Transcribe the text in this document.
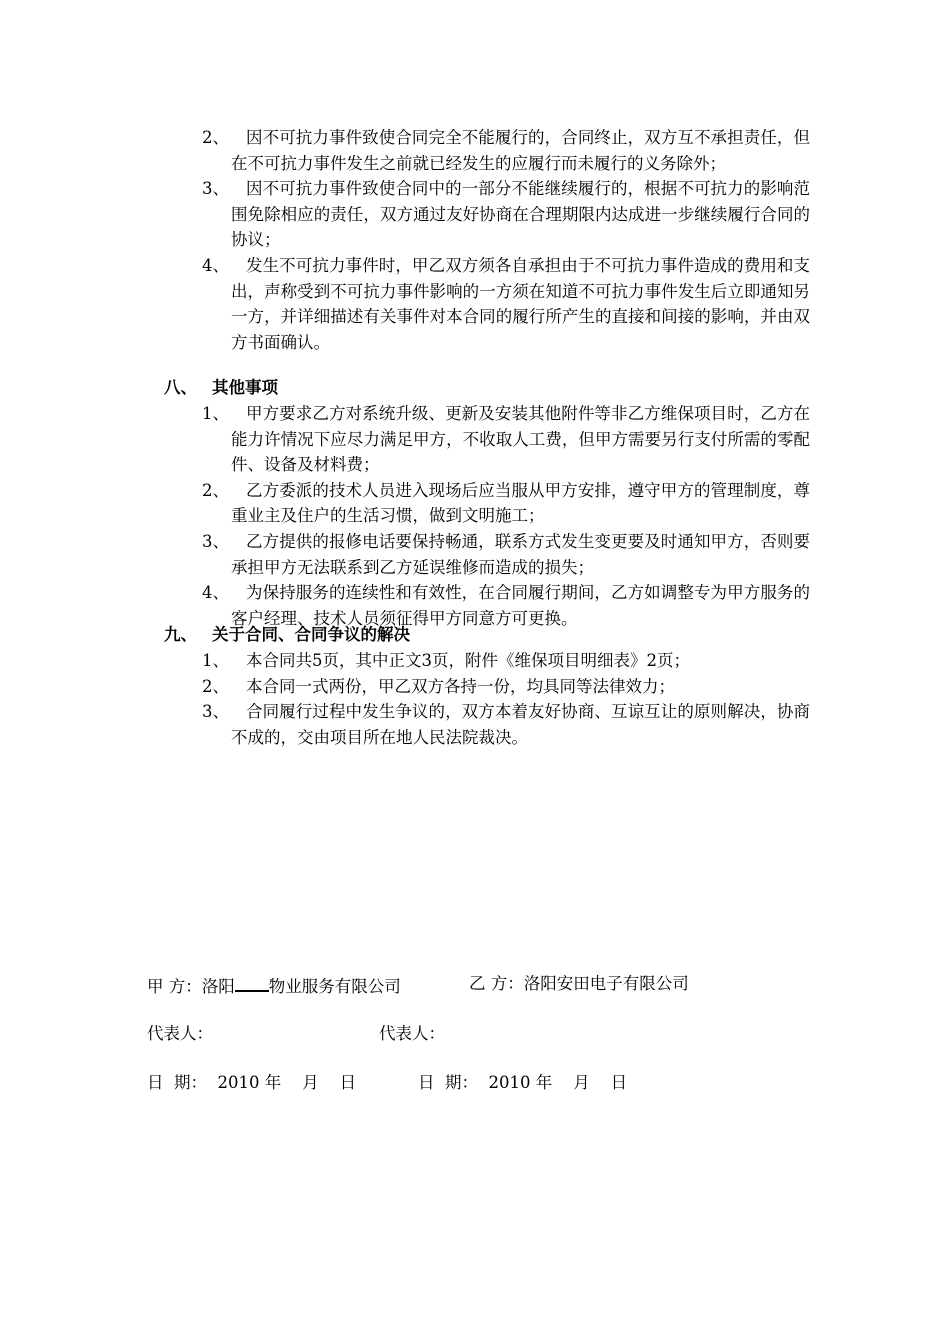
2、	因不可抗力事件致使合同完全不能履行的，合同终止，双方互不承担责任，但在不可抗力事件发生之前就已经发生的应履行而未履行的义务除外；
3、	因不可抗力事件致使合同中的一部分不能继续履行的，根据不可抗力的影响范围免除相应的责任，双方通过友好协商在合理期限内达成进一步继续履行合同的协议；
4、	发生不可抗力事件时，甲乙双方须各自承担由于不可抗力事件造成的费用和支出，声称受到不可抗力事件影响的一方须在知道不可抗力事件发生后立即通知另一方，并详细描述有关事件对本合同的履行所产生的直接和间接的影响，并由双方书面确认。
八、 其他事项
1、	甲方要求乙方对系统升级、更新及安装其他附件等非乙方维保项目时，乙方在能力许情况下应尽力满足甲方，不收取人工费，但甲方需要另行支付所需的零配件、设备及材料费；
2、	乙方委派的技术人员进入现场后应当服从甲方安排，遵守甲方的管理制度，尊重业主及住户的生活习惯，做到文明施工；
3、	乙方提供的报修电话要保持畅通，联系方式发生变更要及时通知甲方，否则要承担甲方无法联系到乙方延误维修而造成的损失；
4、	为保持服务的连续性和有效性，在合同履行期间，乙方如调整专为甲方服务的客户经理、技术人员须征得甲方同意方可更换。
九、 关于合同、合同争议的解决
1、	本合同共5页，其中正文3页，附件《维保项目明细表》2页；
2、	本合同一式两份，甲乙双方各持一份，均具同等法律效力；
3、	合同履行过程中发生争议的，双方本着友好协商、互谅互让的原则解决，协商不成的，交由项目所在地人民法院裁决。
甲 方：洛阳 物业服务有限公司	乙 方：洛阳安田电子有限公司
代表人：	代表人：
日  期：  2010 年    月    日	日  期：  2010 年    月    日
